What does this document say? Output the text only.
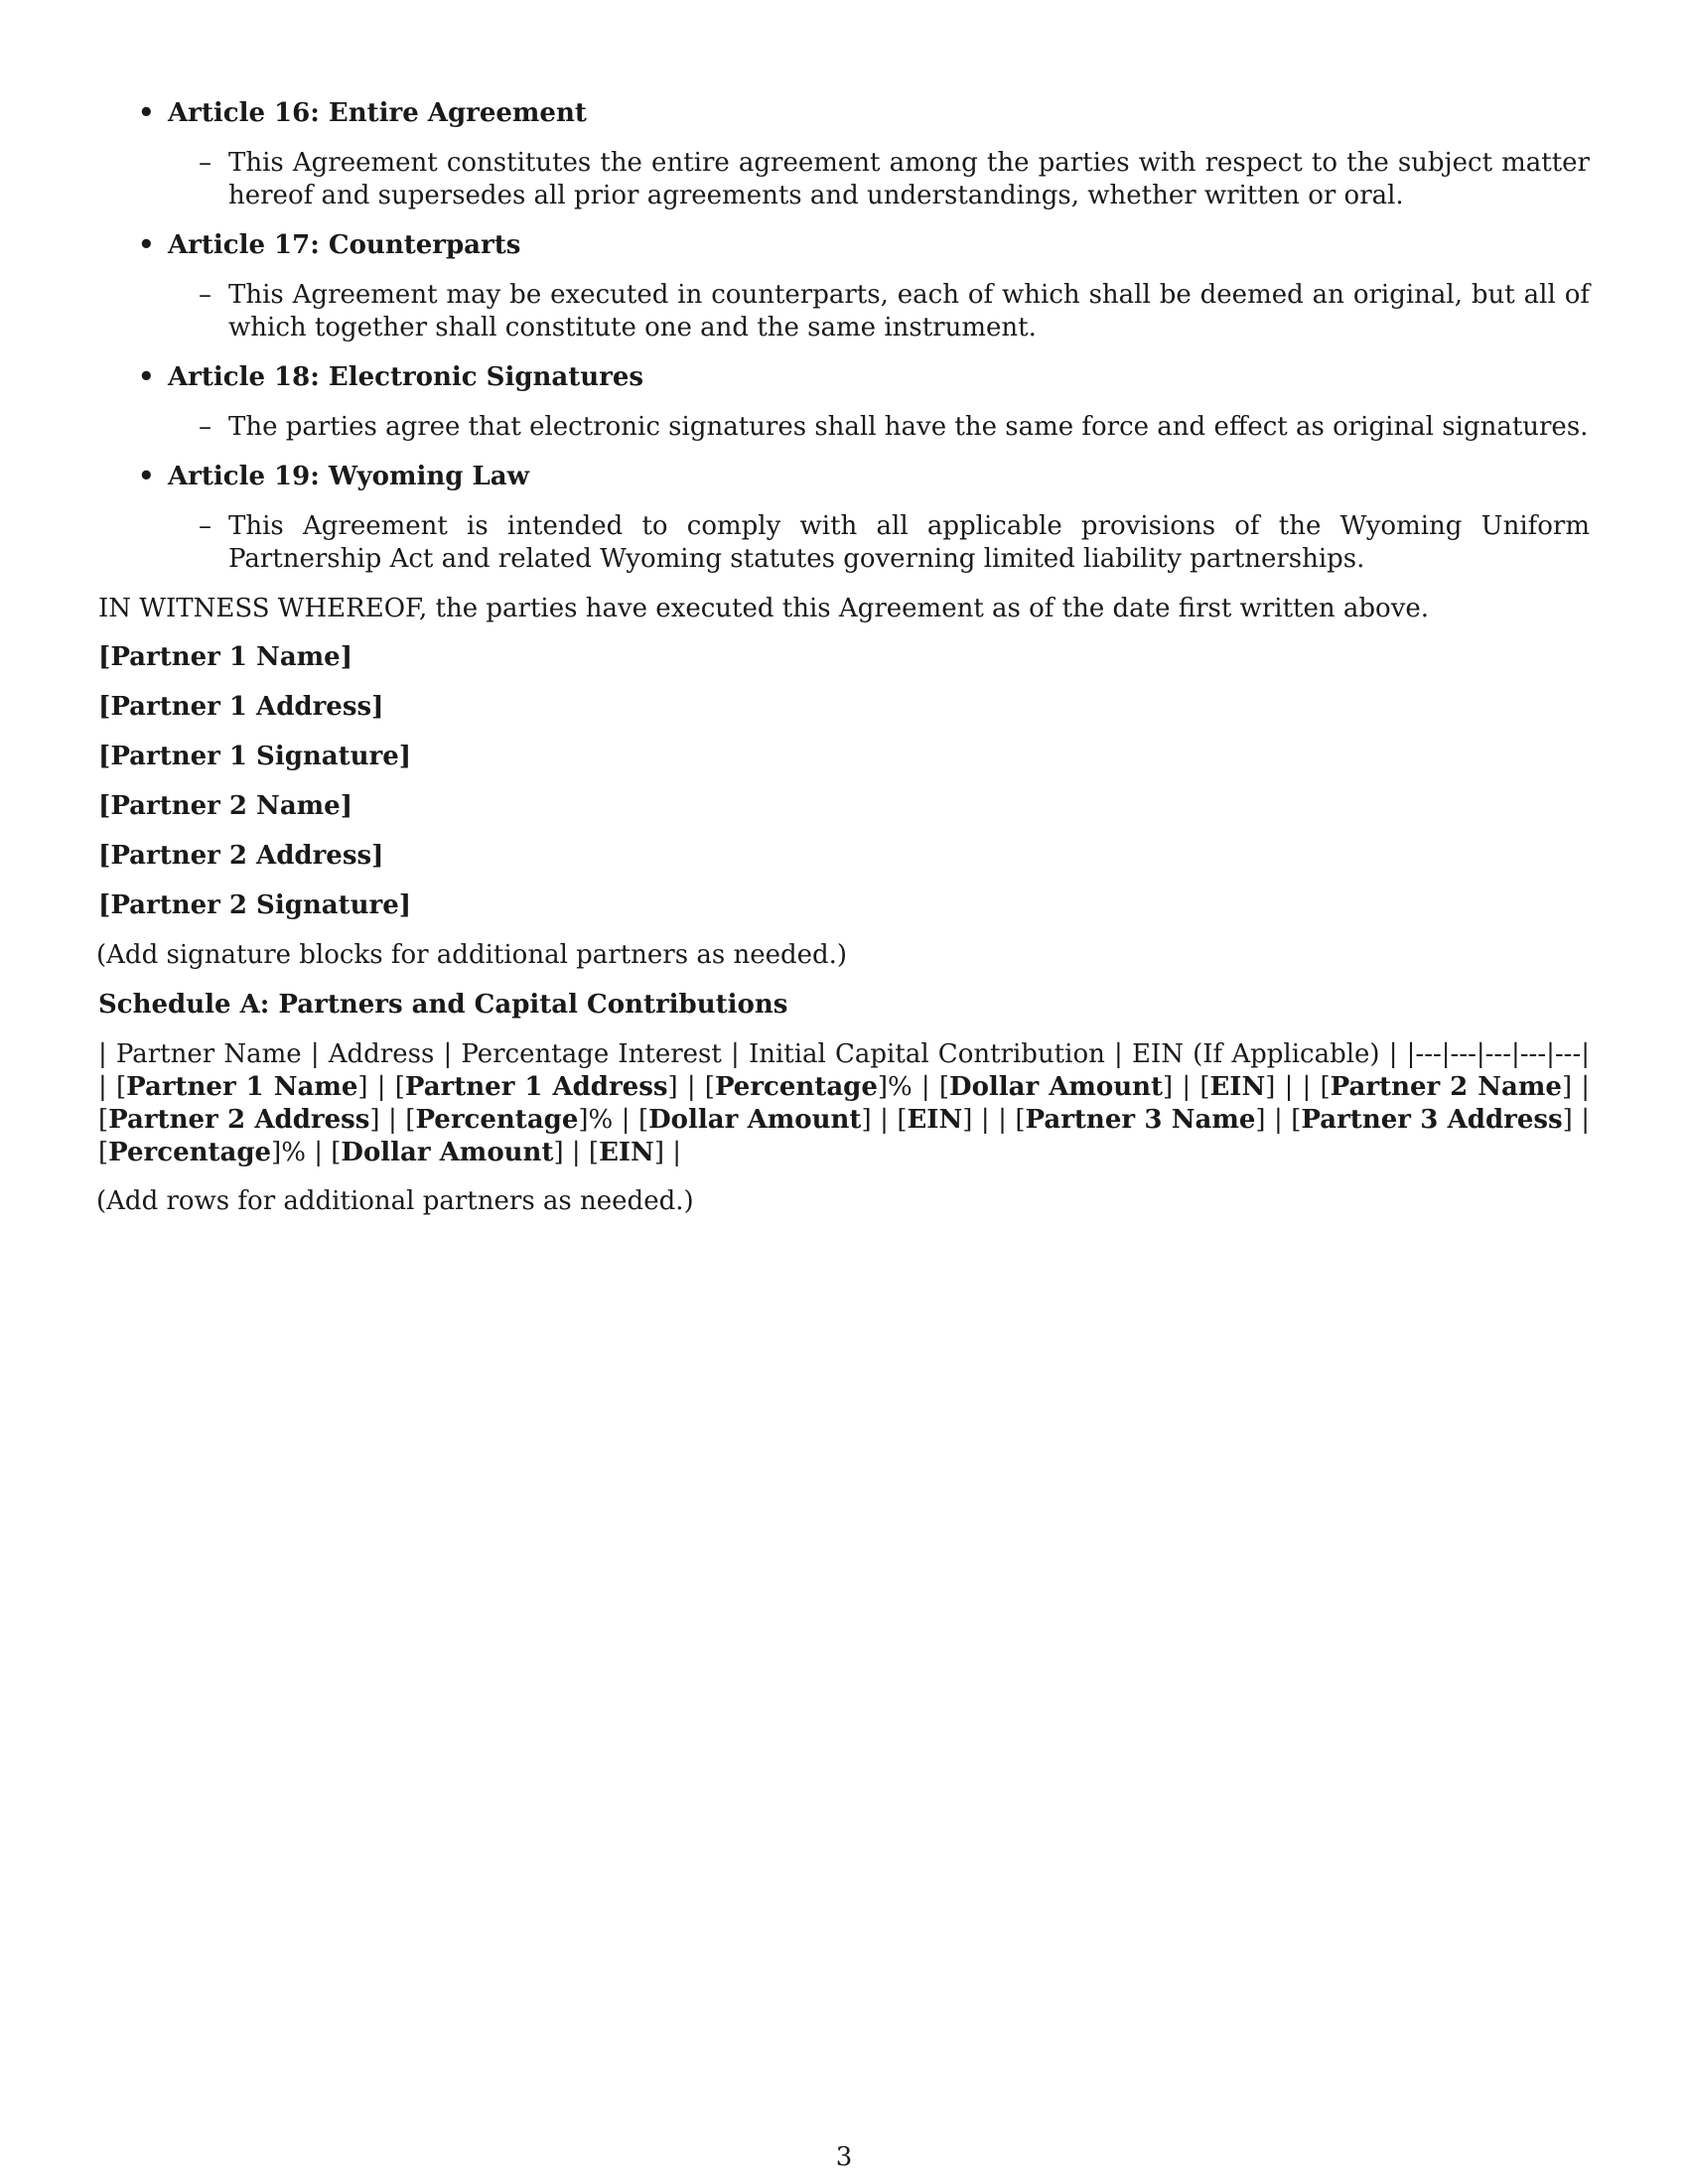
• Article 16: Entire Agreement
– This Agreement constitutes the entire agreement among the parties with respect to the subject matter hereof and supersedes all prior agreements and understandings, whether written or oral.
• Article 17: Counterparts
– This Agreement may be executed in counterparts, each of which shall be deemed an original, but all of which together shall constitute one and the same instrument.
• Article 18: Electronic Signatures
– The parties agree that electronic signatures shall have the same force and effect as original signatures.
• Article 19: Wyoming Law
– This Agreement is intended to comply with all applicable provisions of the Wyoming Uniform Partnership Act and related Wyoming statutes governing limited liability partnerships.

IN WITNESS WHEREOF, the parties have executed this Agreement as of the date first written above.

[Partner 1 Name]
[Partner 1 Address]
[Partner 1 Signature]
[Partner 2 Name]
[Partner 2 Address]
[Partner 2 Signature]

(Add signature blocks for additional partners as needed.)

Schedule A: Partners and Capital Contributions
| Partner Name | Address | Percentage Interest | Initial Capital Contribution | EIN (If Applicable) | |---|---|---|---|---| | [Partner 1 Name] | [Partner 1 Address] | [Percentage]% | [Dollar Amount] | [EIN] | | [Partner 2 Name] | [Partner 2 Address] | [Percentage]% | [Dollar Amount] | [EIN] | | [Partner 3 Name] | [Partner 3 Address] | [Percentage]% | [Dollar Amount] | [EIN] |

(Add rows for additional partners as needed.)

3
